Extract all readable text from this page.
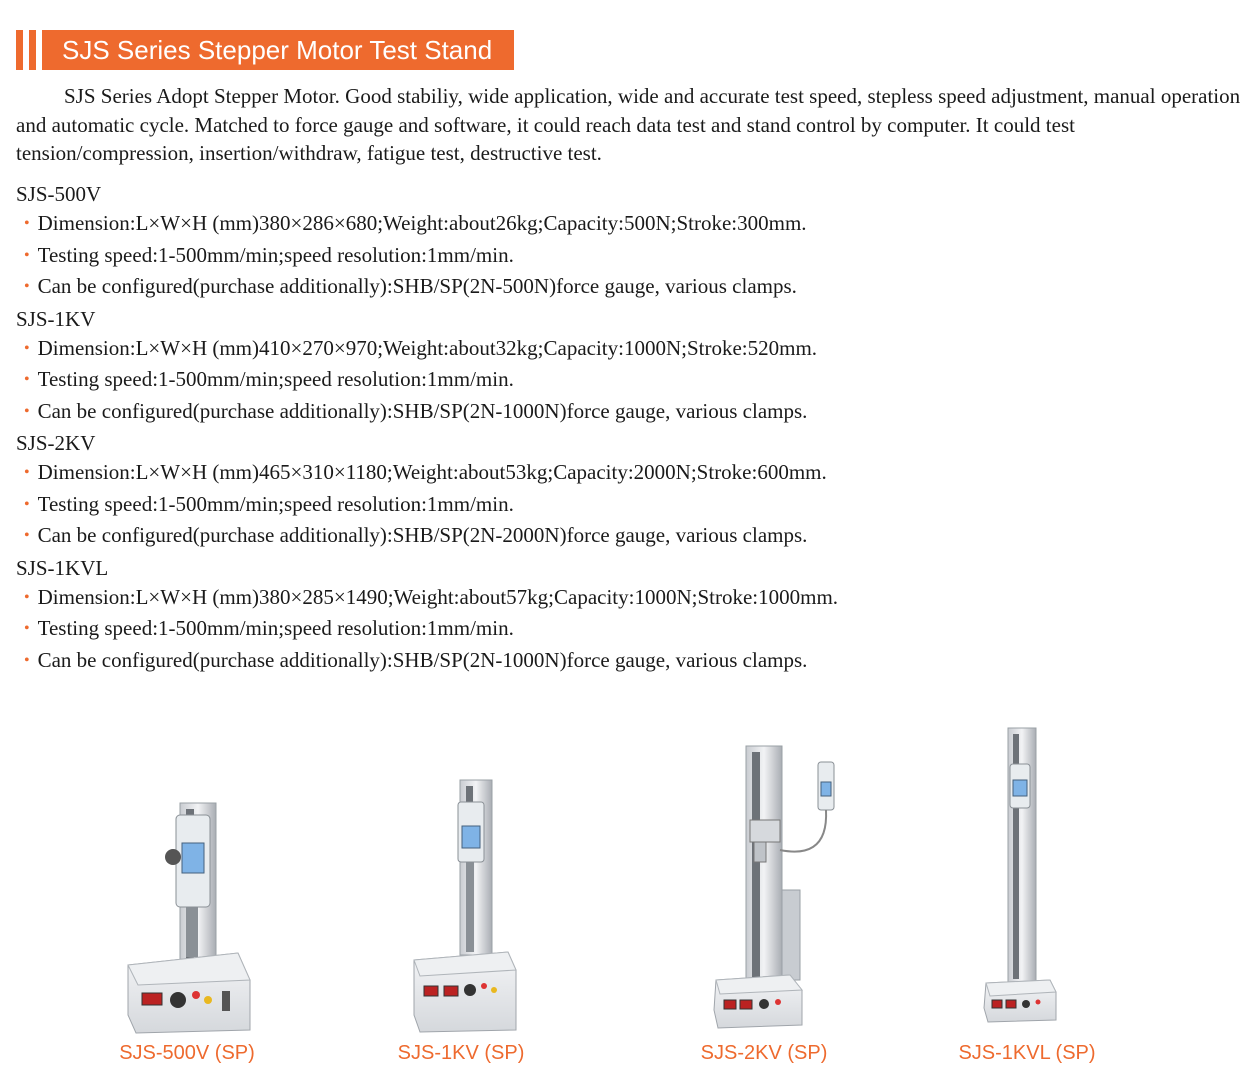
SJS Series Stepper Motor Test Stand

SJS Series Adopt Stepper Motor. Good stabiliy, wide application, wide and accurate test speed, stepless speed adjustment, manual operation and automatic cycle. Matched to force gauge and software, it could reach data test and stand control by computer. It could test tension/compression, insertion/withdraw, fatigue test, destructive test.

SJS-500V
• Dimension:L×W×H (mm)380×286×680;Weight:about26kg;Capacity:500N;Stroke:300mm.
• Testing speed:1-500mm/min;speed resolution:1mm/min.
• Can be configured(purchase additionally):SHB/SP(2N-500N)force gauge, various clamps.
SJS-1KV
• Dimension:L×W×H (mm)410×270×970;Weight:about32kg;Capacity:1000N;Stroke:520mm.
• Testing speed:1-500mm/min;speed resolution:1mm/min.
• Can be configured(purchase additionally):SHB/SP(2N-1000N)force gauge, various clamps.
SJS-2KV
• Dimension:L×W×H (mm)465×310×1180;Weight:about53kg;Capacity:2000N;Stroke:600mm.
• Testing speed:1-500mm/min;speed resolution:1mm/min.
• Can be configured(purchase additionally):SHB/SP(2N-2000N)force gauge, various clamps.
SJS-1KVL
• Dimension:L×W×H (mm)380×285×1490;Weight:about57kg;Capacity:1000N;Stroke:1000mm.
• Testing speed:1-500mm/min;speed resolution:1mm/min.
• Can be configured(purchase additionally):SHB/SP(2N-1000N)force gauge, various clamps.
SJS-500V (SP)	SJS-1KV (SP)	SJS-2KV (SP)	SJS-1KVL (SP)
